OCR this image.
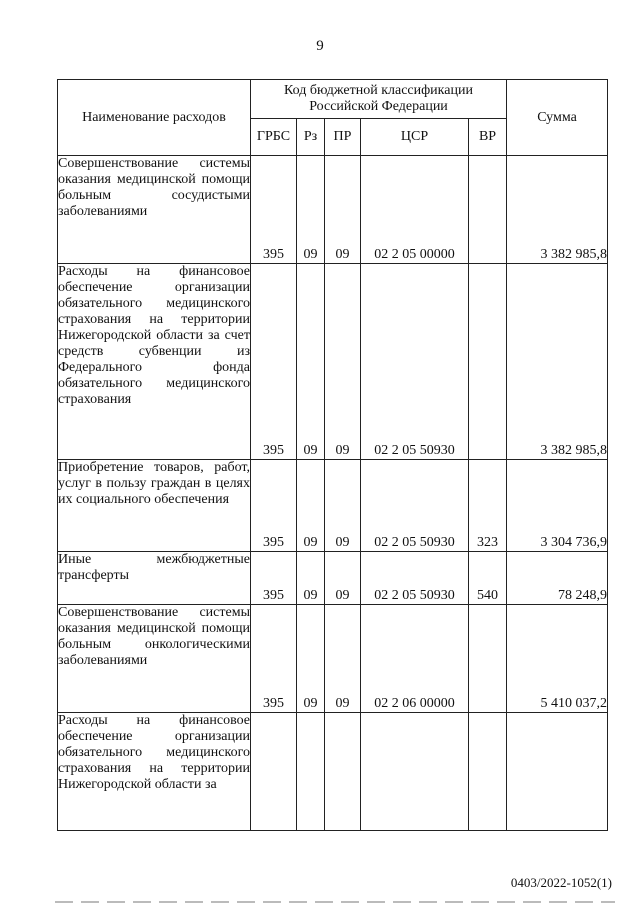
9
Наименование расходов	Код бюджетной классификации Российской Федерации					Сумма
	ГРБС	Рз	ПР	ЦСР	ВР	
Совершенствование системы оказания медицинской помощи больным сосудистыми заболеваниями	395	09	09	02 2 05 00000		3 382 985,8
Расходы на финансовое обеспечение организации обязательного медицинского страхования на территории Нижегородской области за счет средств субвенции из Федерального фонда обязательного медицинского страхования	395	09	09	02 2 05 50930		3 382 985,8
Приобретение товаров, работ, услуг в пользу граждан в целях их социального обеспечения	395	09	09	02 2 05 50930	323	3 304 736,9
Иные межбюджетные трансферты	395	09	09	02 2 05 50930	540	78 248,9
Совершенствование системы оказания медицинской помощи больным онкологическими заболеваниями	395	09	09	02 2 06 00000		5 410 037,2
Расходы на финансовое обеспечение организации обязательного медицинского страхования на территории Нижегородской области за						
0403/2022-1052(1)
